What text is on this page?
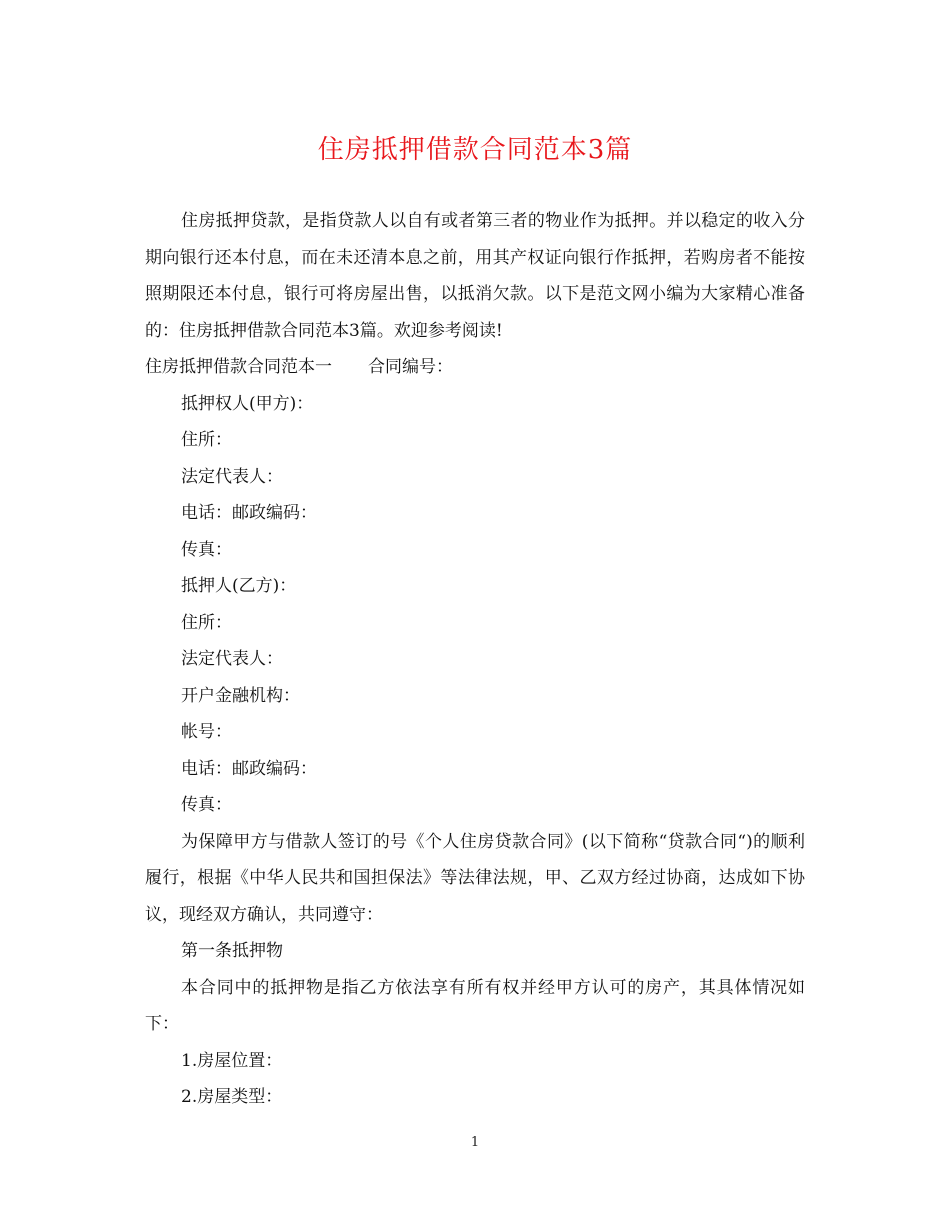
住房抵押借款合同范本3篇

住房抵押贷款，是指贷款人以自有或者第三者的物业作为抵押。并以稳定的收入分期向银行还本付息，而在未还清本息之前，用其产权证向银行作抵押，若购房者不能按照期限还本付息，银行可将房屋出售，以抵消欠款。以下是范文网小编为大家精心准备的：住房抵押借款合同范本3篇。欢迎参考阅读!

住房抵押借款合同范本一 合同编号：

抵押权人(甲方)：

住所：

法定代表人：

电话：邮政编码：

传真：

抵押人(乙方)：

住所：

法定代表人：

开户金融机构：

帐号：

电话：邮政编码：

传真：

为保障甲方与借款人签订的号《个人住房贷款合同》(以下简称“贷款合同“)的顺利履行，根据《中华人民共和国担保法》等法律法规，甲、乙双方经过协商，达成如下协议，现经双方确认，共同遵守：

第一条抵押物

本合同中的抵押物是指乙方依法享有所有权并经甲方认可的房产，其具体情况如下：

1.房屋位置：

2.房屋类型：

1
